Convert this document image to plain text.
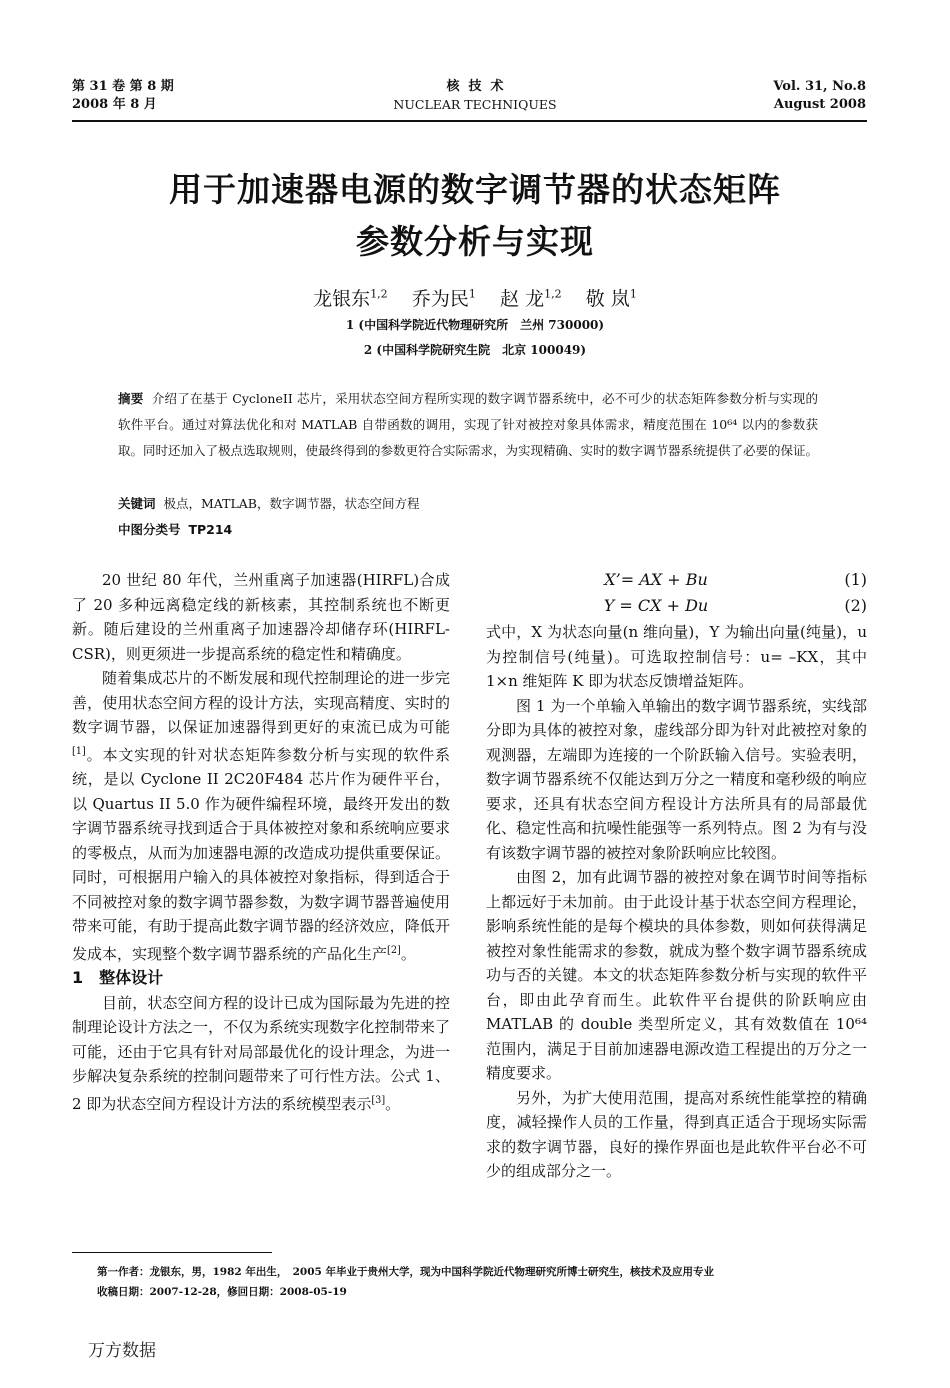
第 31 卷 第 8 期
2008 年 8 月
核  技  术
NUCLEAR TECHNIQUES
Vol. 31, No.8
August 2008
用于加速器电源的数字调节器的状态矩阵
参数分析与实现
龙银东$^{1,2}$ 乔为民$^1$ 赵 龙$^{1,2}$ 敬 岚$^1$
1 (中国科学院近代物理研究所　兰州 730000)
2 (中国科学院研究生院　北京 100049)
摘要 介绍了在基于 CycloneII 芯片，采用状态空间方程所实现的数字调节器系统中，必不可少的状态矩阵参数分析与实现的软件平台。通过对算法优化和对 MATLAB 自带函数的调用，实现了针对被控对象具体需求，精度范围在 10⁶⁴ 以内的参数获取。同时还加入了极点选取规则，使最终得到的参数更符合实际需求，为实现精确、实时的数字调节器系统提供了必要的保证。
关键词 极点，MATLAB，数字调节器，状态空间方程
中图分类号 TP214

20 世纪 80 年代，兰州重离子加速器(HIRFL)合成了 20 多种远离稳定线的新核素，其控制系统也不断更新。随后建设的兰州重离子加速器冷却储存环(HIRFL-CSR)，则更须进一步提高系统的稳定性和精确度。

随着集成芯片的不断发展和现代控制理论的进一步完善，使用状态空间方程的设计方法，实现高精度、实时的数字调节器，以保证加速器得到更好的束流已成为可能[1]。本文实现的针对状态矩阵参数分析与实现的软件系统，是以 Cyclone II 2C20F484 芯片作为硬件平台，以 Quartus II 5.0 作为硬件编程环境，最终开发出的数字调节器系统寻找到适合于具体被控对象和系统响应要求的零极点，从而为加速器电源的改造成功提供重要保证。同时，可根据用户输入的具体被控对象指标，得到适合于不同被控对象的数字调节器参数，为数字调节器普遍使用带来可能，有助于提高此数字调节器的经济效应，降低开发成本，实现整个数字调节器系统的产品化生产[2]。

1　整体设计

目前，状态空间方程的设计已成为国际最为先进的控制理论设计方法之一，不仅为系统实现数字化控制带来了可能，还由于它具有针对局部最优化的设计理念，为进一步解决复杂系统的控制问题带来了可行性方法。公式 1、2 即为状态空间方程设计方法的系统模型表示[3]。

X’= AX + Bu	(1)
Y = CX + Du	(2)

式中，X 为状态向量(n 维向量)，Y 为输出向量(纯量)，u 为控制信号(纯量)。可选取控制信号：u= –KX，其中 1×n 维矩阵 K 即为状态反馈增益矩阵。

图 1 为一个单输入单输出的数字调节器系统，实线部分即为具体的被控对象，虚线部分即为针对此被控对象的观测器，左端即为连接的一个阶跃输入信号。实验表明，数字调节器系统不仅能达到万分之一精度和毫秒级的响应要求，还具有状态空间方程设计方法所具有的局部最优化、稳定性高和抗噪性能强等一系列特点。图 2 为有与没有该数字调节器的被控对象阶跃响应比较图。

由图 2，加有此调节器的被控对象在调节时间等指标上都远好于未加前。由于此设计基于状态空间方程理论，影响系统性能的是每个模块的具体参数，则如何获得满足被控对象性能需求的参数，就成为整个数字调节器系统成功与否的关键。本文的状态矩阵参数分析与实现的软件平台，即由此孕育而生。此软件平台提供的阶跃响应由 MATLAB 的 double 类型所定义，其有效数值在 10⁶⁴ 范围内，满足于目前加速器电源改造工程提出的万分之一精度要求。

另外，为扩大使用范围，提高对系统性能掌控的精确度，减轻操作人员的工作量，得到真正适合于现场实际需求的数字调节器，良好的操作界面也是此软件平台必不可少的组成部分之一。

第一作者：龙银东，男，1982 年出生，　2005 年毕业于贵州大学，现为中国科学院近代物理研究所博士研究生，核技术及应用专业
收稿日期：2007-12-28，修回日期：2008-05-19
万方数据
